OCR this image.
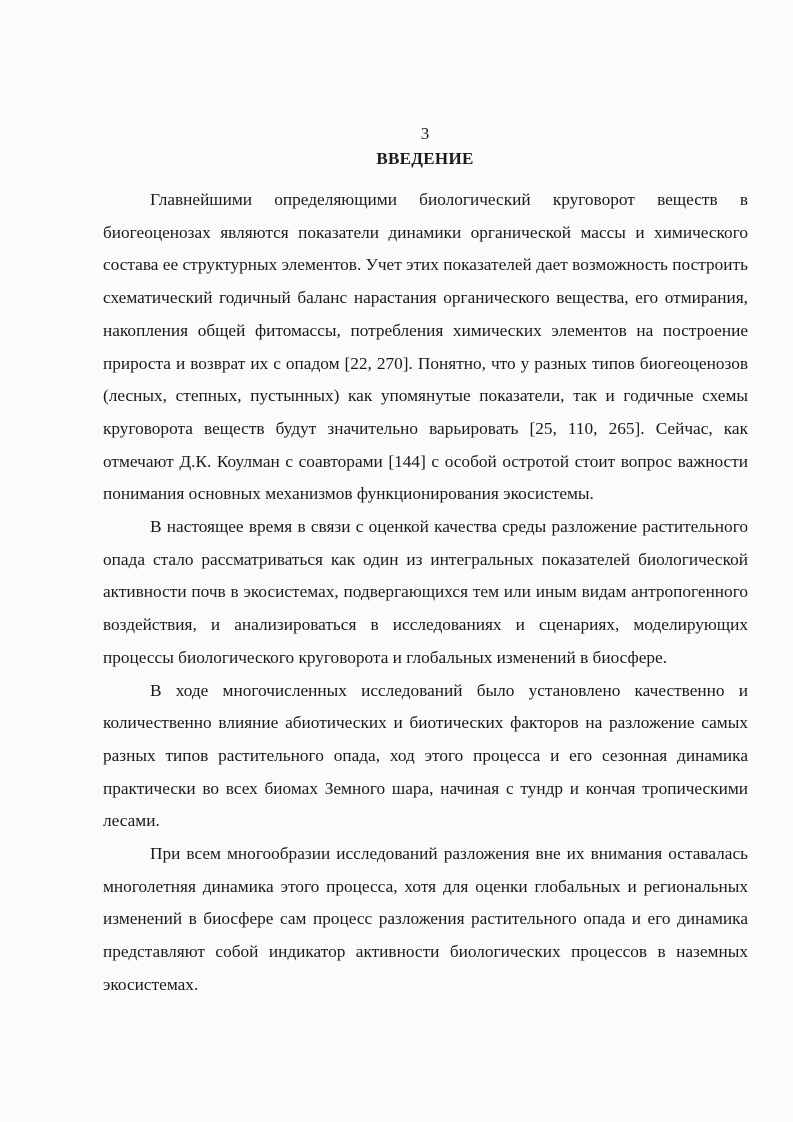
3
ВВЕДЕНИЕ

Главнейшими определяющими биологический круговорот веществ в биогеоценозах являются показатели динамики органической массы и химического состава ее структурных элементов. Учет этих показателей дает возможность построить схематический годичный баланс нарастания органического вещества, его отмирания, накопления общей фитомассы, потребления химических элементов на построение прироста и возврат их с опадом [22, 270]. Понятно, что у разных типов биогеоценозов (лесных, степных, пустынных) как упомянутые показатели, так и годичные схемы круговорота веществ будут значительно варьировать [25, 110, 265]. Сейчас, как отмечают Д.К. Коулман с соавторами [144] с особой остротой стоит вопрос важности понимания основных механизмов функционирования экосистемы.

В настоящее время в связи с оценкой качества среды разложение растительного опада стало рассматриваться как один из интегральных показателей биологической активности почв в экосистемах, подвергающихся тем или иным видам антропогенного воздействия, и анализироваться в исследованиях и сценариях, моделирующих процессы биологического круговорота и глобальных изменений в биосфере.

В ходе многочисленных исследований было установлено качественно и количественно влияние абиотических и биотических факторов на разложение самых разных типов растительного опада, ход этого процесса и его сезонная динамика практически во всех биомах Земного шара, начиная с тундр и кончая тропическими лесами.

При всем многообразии исследований разложения вне их внимания оставалась многолетняя динамика этого процесса, хотя для оценки глобальных и региональных изменений в биосфере сам процесс разложения растительного опада и его динамика представляют собой индикатор активности биологических процессов в наземных экосистемах.
